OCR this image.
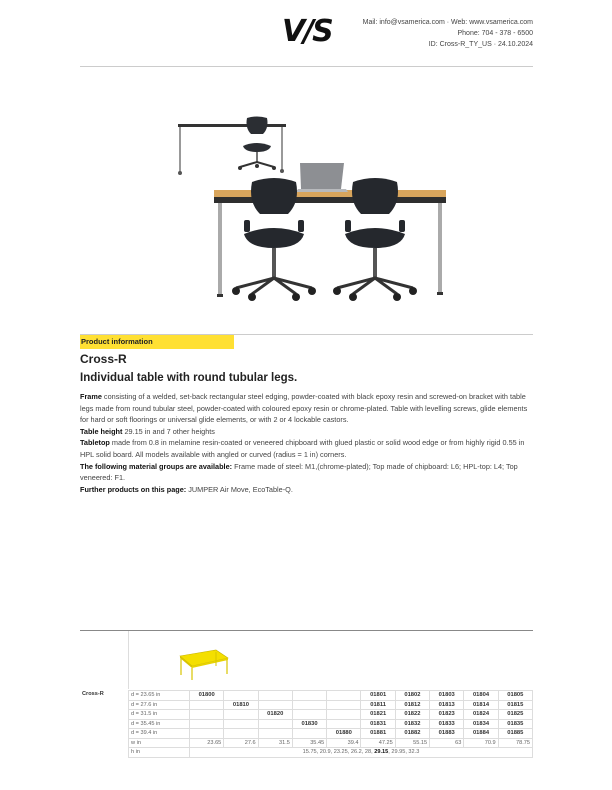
V/S	Mail: info@vsamerica.com · Web: www.vsamerica.com
Phone: 704 - 378 - 6500
ID: Cross-R_TY_US · 24.10.2024
Product information
Cross-R
Individual table with round tubular legs.

Frame consisting of a welded, set-back rectangular steel edging, powder-coated with black epoxy resin and screwed-on bracket with table legs made from round tubular steel, powder-coated with coloured epoxy resin or chrome-plated. Table with levelling screws, glide elements for hard or soft floorings or universal glide elements, or with 2 or 4 lockable castors.

Table height 29.15 in and 7 other heights

Tabletop made from 0.8 in melamine resin-coated or veneered chipboard with glued plastic or solid wood edge or from highly rigid 0.55 in HPL solid board. All models available with angled or curved (radius = 1 in) corners.

The following material groups are available: Frame made of steel: M1,(chrome-plated); Top made of chipboard: L6; HPL-top: L4; Top veneered: F1.

Further products on this page: JUMPER Air Move, EcoTable-Q.

Cross-R	d = 23.65 in	01800					01801	01802	01803	01804	01805
	d = 27.6 in		01810				01811	01812	01813	01814	01815
	d = 31.5 in			01820			01821	01822	01823	01824	01825
	d = 35.45 in				01830		01831	01832	01833	01834	01835
	d = 39.4 in					01880	01881	01882	01883	01884	01885
	w in	23.65	27.6	31.5	35.45	39.4	47.25	55.15	63	70.9	78.75
	h in	15.75, 20.9, 23.25, 26.2, 28, 29.15, 29.95, 32.3									
